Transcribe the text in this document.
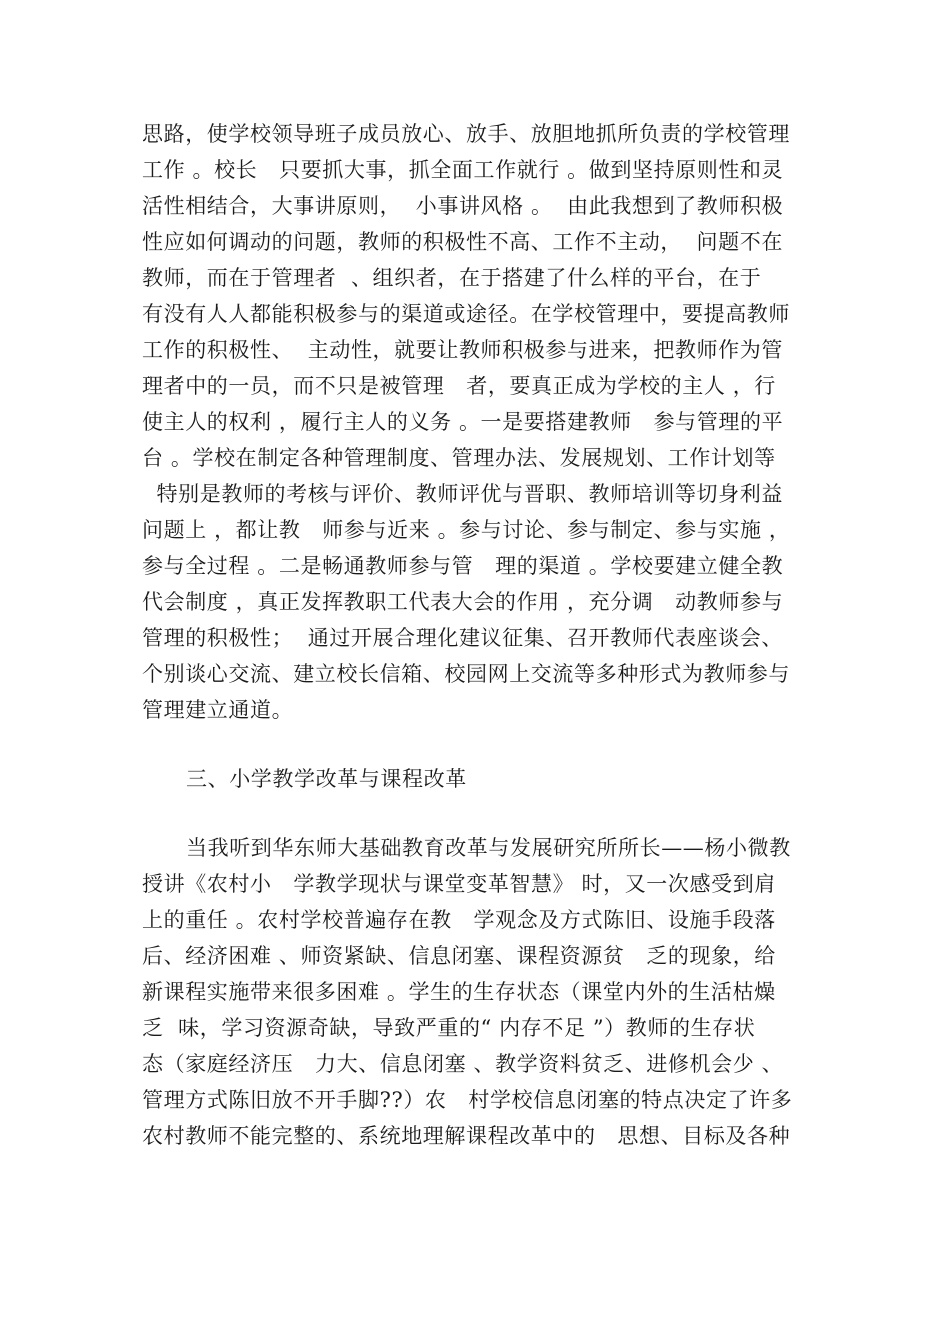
思路，使学校领导班子成员放心、放手、放胆地抓所负责的学校管理
工作 。校长   只要抓大事，抓全面工作就行 。做到坚持原则性和灵
活性相结合，大事讲原则，  小事讲风格 。  由此我想到了教师积极
性应如何调动的问题，教师的积极性不高、工作不主动，  问题不在
教师，而在于管理者  、组织者，在于搭建了什么样的平台，在于
有没有人人都能积极参与的渠道或途径。在学校管理中，要提高教师
工作的积极性、  主动性，就要让教师积极参与进来，把教师作为管
理者中的一员，而不只是被管理   者，要真正成为学校的主人 ，行
使主人的权利 ，履行主人的义务 。一是要搭建教师   参与管理的平
台 。学校在制定各种管理制度、管理办法、发展规划、工作计划等
特别是教师的考核与评价、教师评优与晋职、教师培训等切身利益
问题上 ，都让教   师参与近来 。参与讨论、参与制定、参与实施 ，
参与全过程 。二是畅通教师参与管   理的渠道 。学校要建立健全教
代会制度 ，真正发挥教职工代表大会的作用 ，充分调   动教师参与
管理的积极性；  通过开展合理化建议征集、召开教师代表座谈会、
个别谈心交流、建立校长信箱、校园网上交流等多种形式为教师参与
管理建立通道。
三、小学教学改革与课程改革
当我听到华东师大基础教育改革与发展研究所所长——杨小微教
授讲《农村小   学教学现状与课堂变革智慧》 时，又一次感受到肩
上的重任 。农村学校普遍存在教   学观念及方式陈旧、设施手段落
后、经济困难 、师资紧缺、信息闭塞、课程资源贫   乏的现象，给
新课程实施带来很多困难 。学生的生存状态（课堂内外的生活枯燥
乏  味，学习资源奇缺，导致严重的“ 内存不足 ”）教师的生存状
态（家庭经济压   力大、信息闭塞 、教学资料贫乏、进修机会少 、
管理方式陈旧放不开手脚??）农   村学校信息闭塞的特点决定了许多
农村教师不能完整的、系统地理解课程改革中的   思想、目标及各种
